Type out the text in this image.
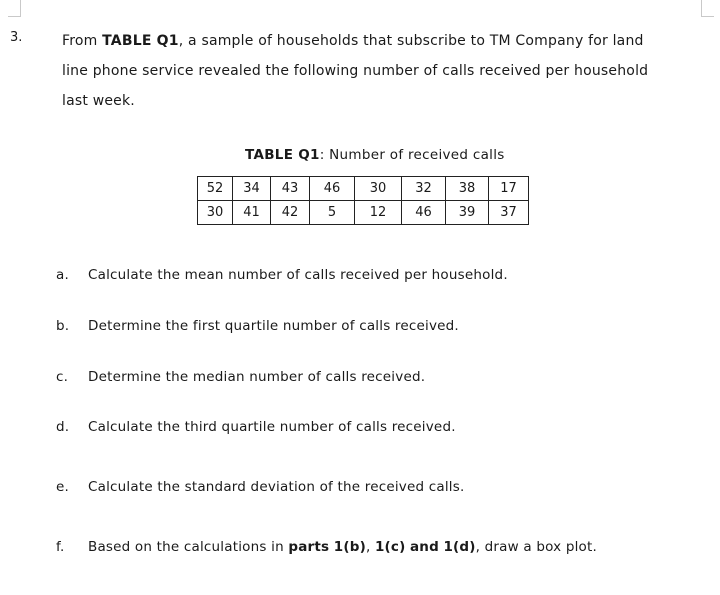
3.	From TABLE Q1, a sample of households that subscribe to TM Company for land
line phone service revealed the following number of calls received per household
last week.
TABLE Q1: Number of received calls
52	34	43	46	30	32	38	17
30	41	42	5	12	46	39	37
a. Calculate the mean number of calls received per household.
b. Determine the first quartile number of calls received.
c. Determine the median number of calls received.
d. Calculate the third quartile number of calls received.
e. Calculate the standard deviation of the received calls.
f. Based on the calculations in parts 1(b), 1(c) and 1(d), draw a box plot.
